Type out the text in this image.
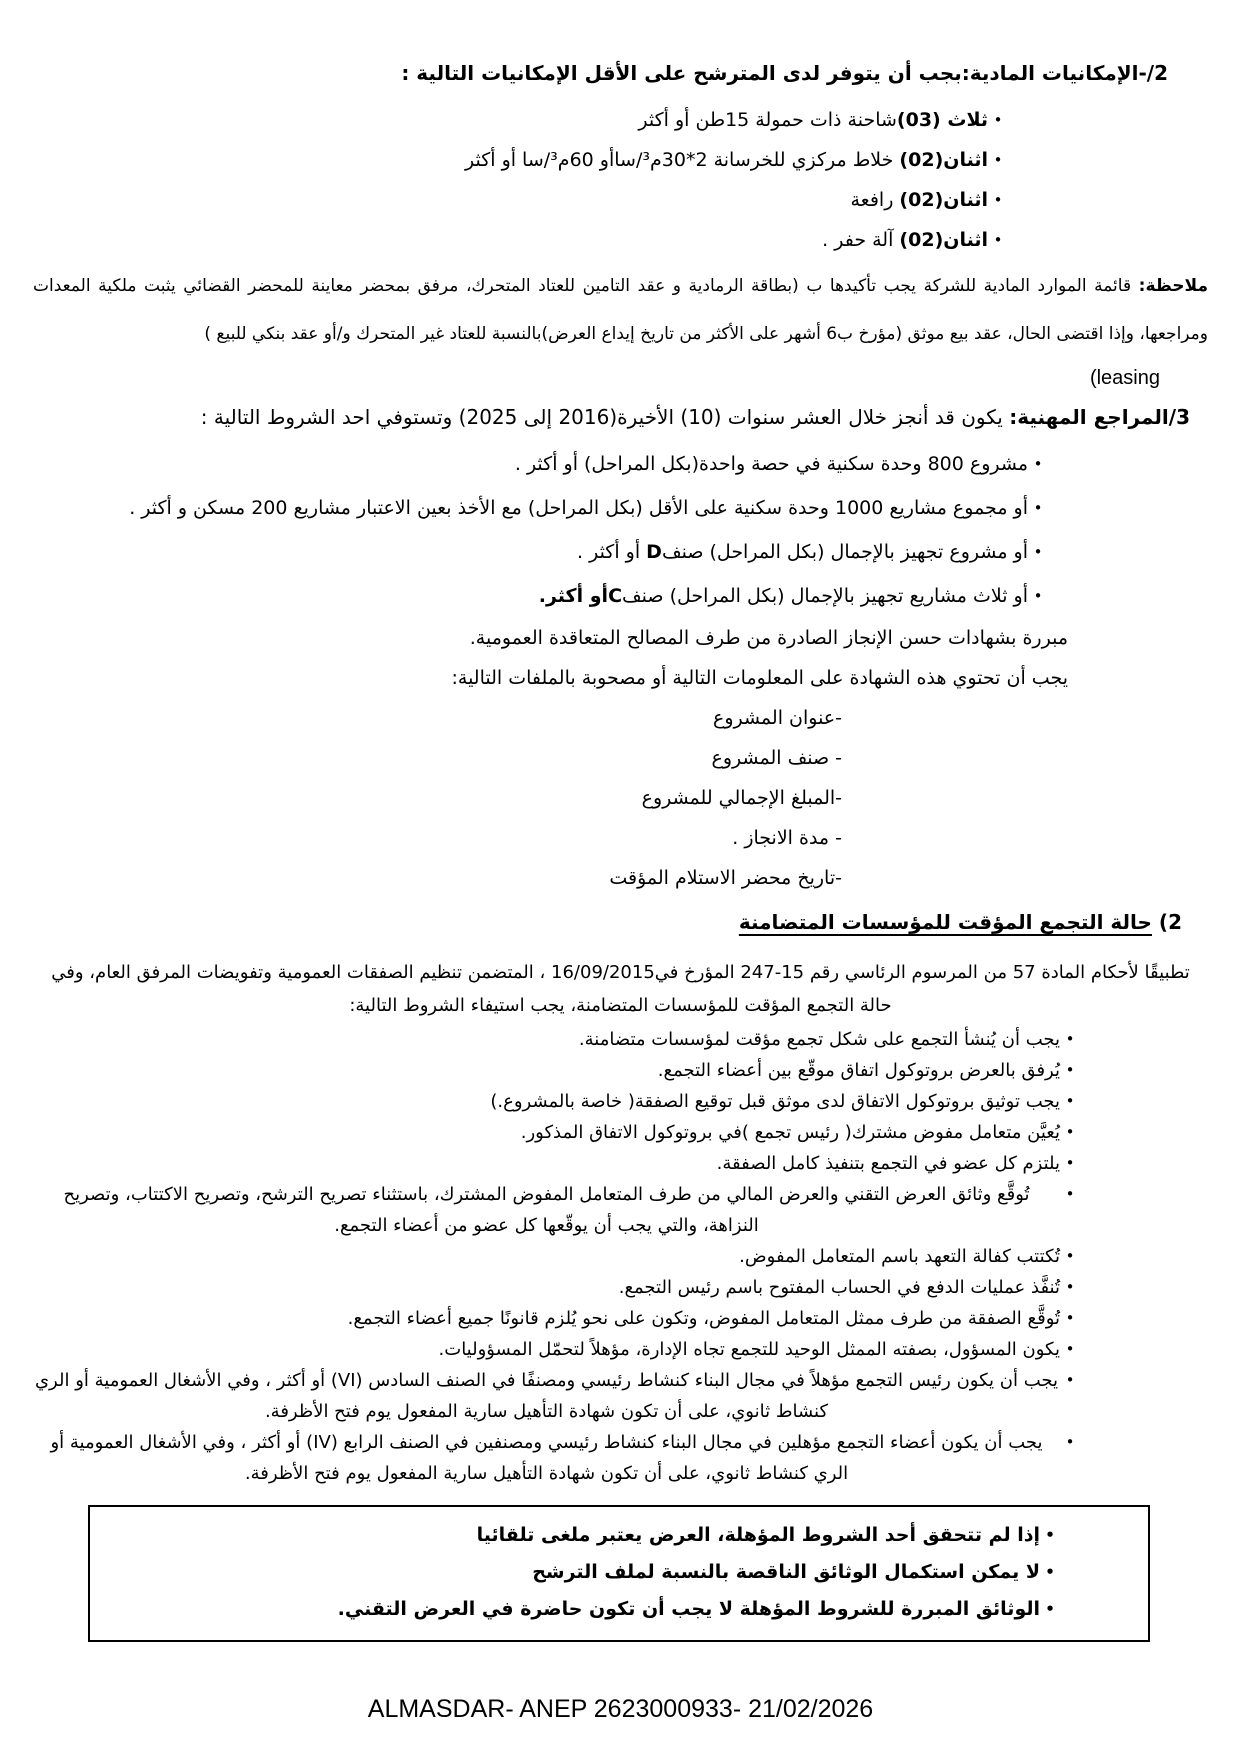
2/-الإمكانيات المادية:بجب أن يتوفر لدى المترشح على الأقل الإمكانيات التالية :
•
ثلاث (03)شاحنة ذات حمولة 15طن أو أكثر
•
اثنان(02) خلاط مركزي للخرسانة 2*30م³/ساأو 60م³/سا أو أكثر
•
اثنان(02) رافعة
•
اثنان(02) آلة حفر .
ملاحظة: قائمة الموارد المادية للشركة يجب تأكيدها ب (بطاقة الرمادية و عقد التامين للعتاد المتحرك، مرفق بمحضر معاينة للمحضر القضائي يثبت ملكية المعدات ومراجعها، وإذا اقتضى الحال، عقد بيع موثق (مؤرخ ب6 أشهر على الأكثر من تاريخ إيداع العرض)بالنسبة للعتاد غير المتحرك و/أو عقد بنكي للبيع )
(leasing
3/المراجع المهنية: يكون قد أنجز خلال العشر سنوات (10) الأخيرة(2016 إلى 2025) وتستوفي احد الشروط التالية :
•
مشروع 800 وحدة سكنية في حصة واحدة(بكل المراحل) أو أكثر .
•
أو مجموع مشاريع 1000 وحدة سكنية على الأقل (بكل المراحل) مع الأخذ بعين الاعتبار مشاريع 200 مسكن و أكثر .
•
أو مشروع تجهيز بالإجمال (بكل المراحل) صنفD أو أكثر .
•
أو ثلاث مشاريع تجهيز بالإجمال (بكل المراحل) صنفCأو أكثر.
مبررة بشهادات حسن الإنجاز الصادرة من طرف المصالح المتعاقدة العمومية.
يجب أن تحتوي هذه الشهادة على المعلومات التالية أو مصحوبة بالملفات التالية:
-عنوان المشروع
- صنف المشروع
-المبلغ الإجمالي للمشروع
- مدة الانجاز .
-تاريخ محضر الاستلام المؤقت
2) حالة التجمع المؤقت للمؤسسات المتضامنة
تطبيقًا لأحكام المادة 57 من المرسوم الرئاسي رقم 15-247 المؤرخ في16/09/2015 ، المتضمن تنظيم الصفقات العمومية وتفويضات المرفق العام، وفي حالة التجمع المؤقت للمؤسسات المتضامنة، يجب استيفاء الشروط التالية:
•
يجب أن يُنشأ التجمع على شكل تجمع مؤقت لمؤسسات متضامنة.
•
يُرفق بالعرض بروتوكول اتفاق موقّع بين أعضاء التجمع.
•
يجب توثيق بروتوكول الاتفاق لدى موثق قبل توقيع الصفقة( خاصة بالمشروع.)
•
يُعيَّن متعامل مفوض مشترك( رئيس تجمع )في بروتوكول الاتفاق المذكور.
•
يلتزم كل عضو في التجمع بتنفيذ كامل الصفقة.
•
تُوقَّع وثائق العرض التقني والعرض المالي من طرف المتعامل المفوض المشترك، باستثناء تصريح الترشح، وتصريح الاكتتاب، وتصريح النزاهة، والتي يجب أن يوقّعها كل عضو من أعضاء التجمع.
•
تُكتتب كفالة التعهد باسم المتعامل المفوض.
•
تُنفَّذ عمليات الدفع في الحساب المفتوح باسم رئيس التجمع.
•
تُوقَّع الصفقة من طرف ممثل المتعامل المفوض، وتكون على نحو يُلزم قانونًا جميع أعضاء التجمع.
•
يكون المسؤول، بصفته الممثل الوحيد للتجمع تجاه الإدارة، مؤهلاً لتحمّل المسؤوليات.
•
يجب أن يكون رئيس التجمع مؤهلاً في مجال البناء كنشاط رئيسي ومصنفًا في الصنف السادس (VI) أو أكثر ، وفي الأشغال العمومية أو الري كنشاط ثانوي، على أن تكون شهادة التأهيل سارية المفعول يوم فتح الأظرفة.
•
يجب أن يكون أعضاء التجمع مؤهلين في مجال البناء كنشاط رئيسي ومصنفين في الصنف الرابع (IV) أو أكثر ، وفي الأشغال العمومية أو الري كنشاط ثانوي، على أن تكون شهادة التأهيل سارية المفعول يوم فتح الأظرفة.
•
إذا لم تتحقق أحد الشروط المؤهلة، العرض يعتبر ملغى تلقائيا
•
لا يمكن استكمال الوثائق الناقصة بالنسبة لملف الترشح
•
الوثائق المبررة للشروط المؤهلة لا يجب أن تكون حاضرة في العرض التقني.
ALMASDAR- ANEP 2623000933- 21/02/2026
